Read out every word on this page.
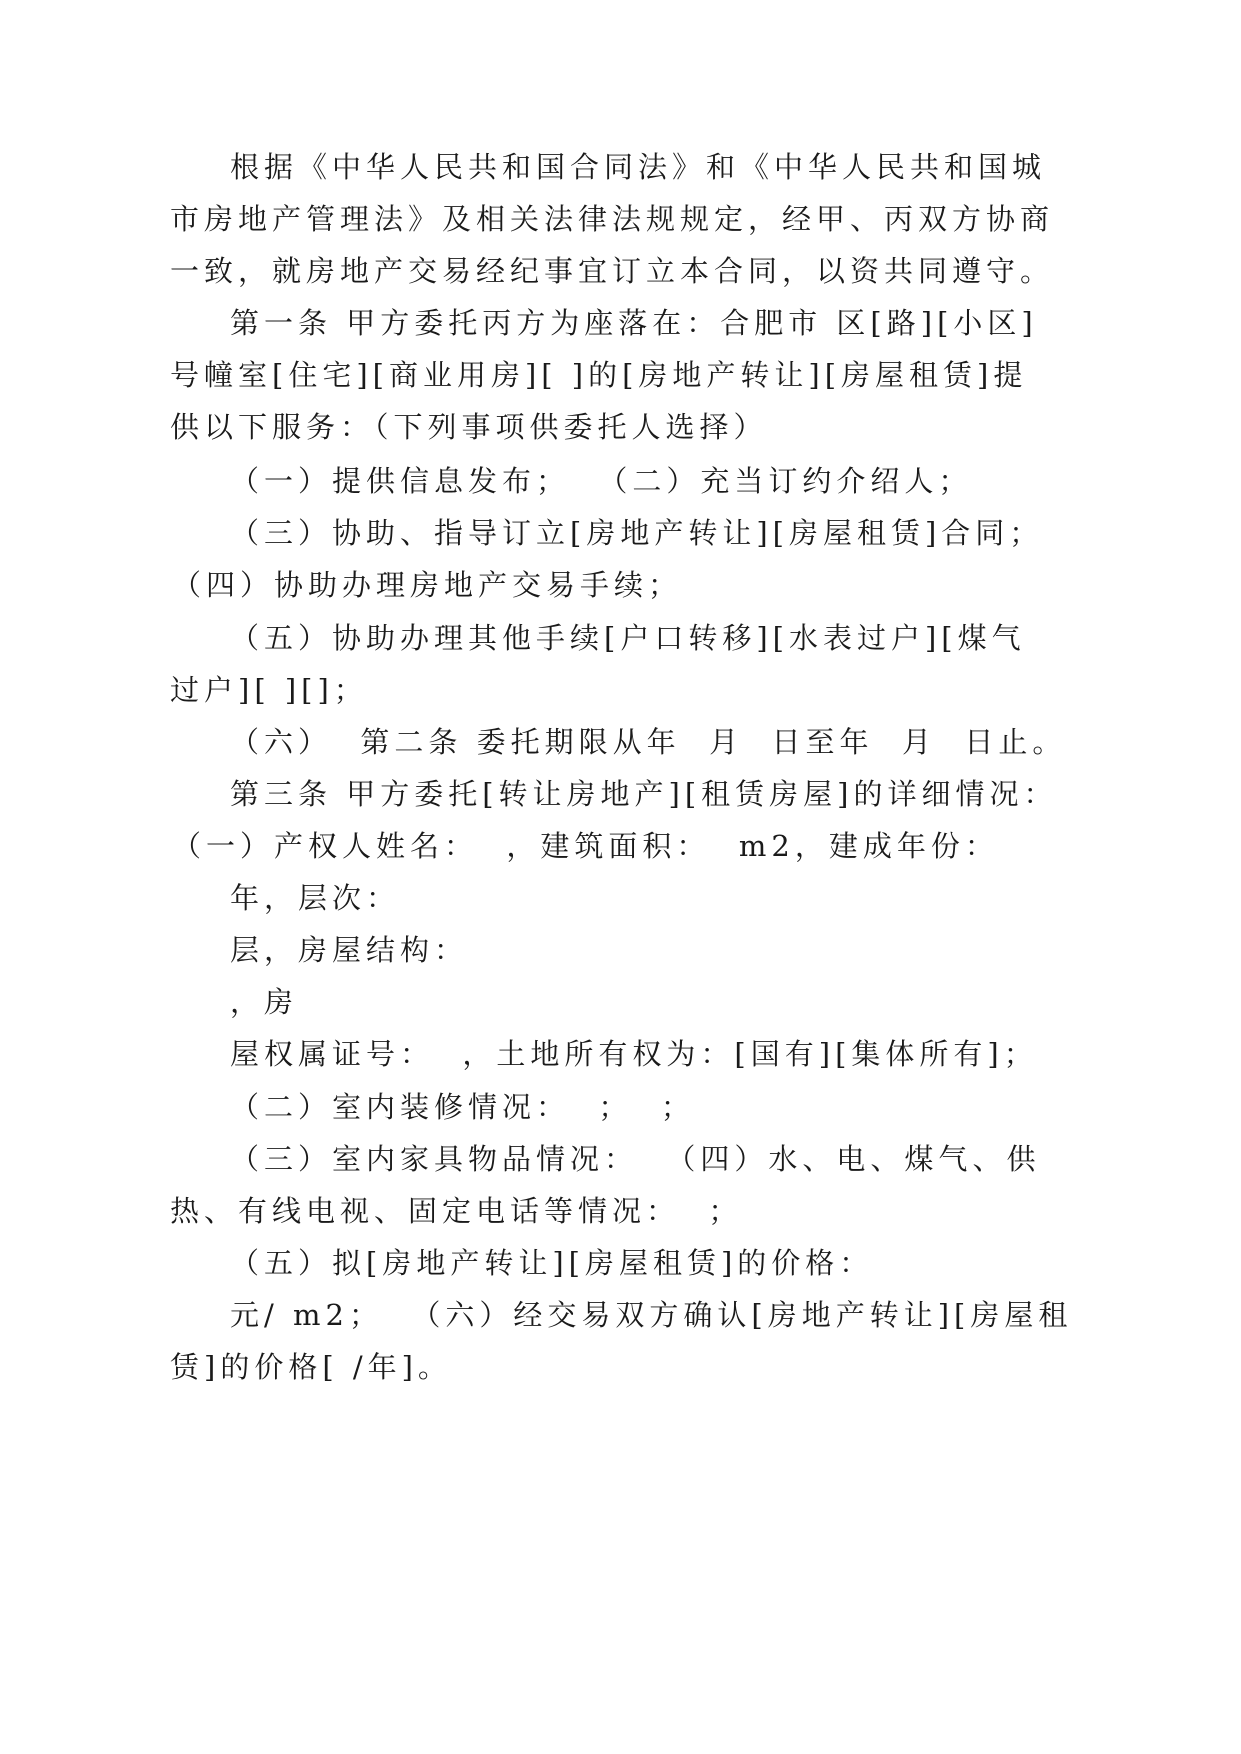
根据《中华人民共和国合同法》和《中华人民共和国城

市房地产管理法》及相关法律法规规定，经甲、丙双方协商

一致，就房地产交易经纪事宜订立本合同，以资共同遵守。

第一条 甲方委托丙方为座落在：合肥市 区[路][小区]

号幢室[住宅][商业用房][ ]的[房地产转让][房屋租赁]提

供以下服务：（下列事项供委托人选择）

（一）提供信息发布；  （二）充当订约介绍人；

（三）协助、指导订立[房地产转让][房屋租赁]合同；

（四）协助办理房地产交易手续；

（五）协助办理其他手续[户口转移][水表过户][煤气

过户][ ][]；

（六）  第二条 委托期限从年  月  日至年  月  日止。

第三条 甲方委托[转让房地产][租赁房屋]的详细情况：

（一）产权人姓名：  ，建筑面积：  m2，建成年份：

年，层次：

层，房屋结构：

，房

屋权属证号：  ，土地所有权为：[国有][集体所有]；

（二）室内装修情况：  ；  ；

（三）室内家具物品情况：  （四）水、电、煤气、供

热、有线电视、固定电话等情况：  ；

（五）拟[房地产转让][房屋租赁]的价格：

元/ m2；  （六）经交易双方确认[房地产转让][房屋租

赁]的价格[ /年]。
